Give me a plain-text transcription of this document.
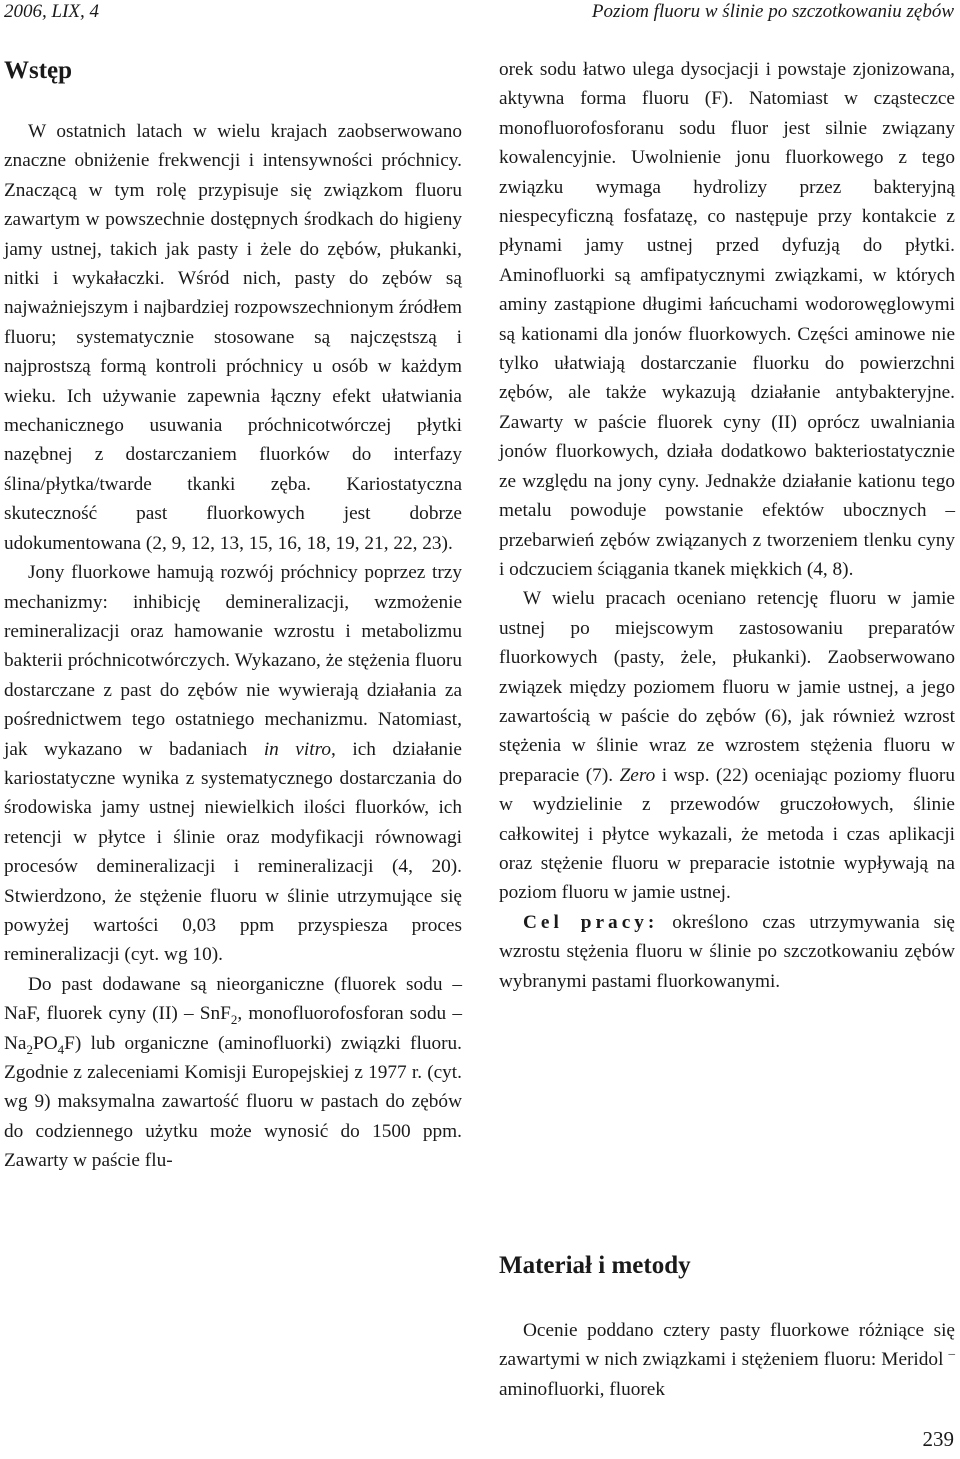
2006, LIX, 4	Poziom fluoru w ślinie po szczotkowaniu zębów
Wstęp

W ostatnich latach w wielu krajach zaobserwowano znaczne obniżenie frekwencji i intensywności próchnicy. Znaczącą w tym rolę przypisuje się związkom fluoru zawartym w powszechnie dostępnych środkach do higieny jamy ustnej, takich jak pasty i żele do zębów, płukanki, nitki i wykałaczki. Wśród nich, pasty do zębów są najważniejszym i najbardziej rozpowszechnionym źródłem fluoru; systematycznie stosowane są najczęstszą i najprostszą formą kontroli próchnicy u osób w każdym wieku. Ich używanie zapewnia łączny efekt ułatwiania mechanicznego usuwania próchnicotwórczej płytki nazębnej z dostarczaniem fluorków do interfazy ślina/płytka/twarde tkanki zęba. Kariostatyczna skuteczność past fluorkowych jest dobrze udokumentowana (2, 9, 12, 13, 15, 16, 18, 19, 21, 22, 23).

Jony fluorkowe hamują rozwój próchnicy poprzez trzy mechanizmy: inhibicję demineralizacji, wzmożenie remineralizacji oraz hamowanie wzrostu i metabolizmu bakterii próchnicotwórczych. Wykazano, że stężenia fluoru dostarczane z past do zębów nie wywierają działania za pośrednictwem tego ostatniego mechanizmu. Natomiast, jak wykazano w badaniach in vitro, ich działanie kariostatyczne wynika z systematycznego dostarczania do środowiska jamy ustnej niewielkich ilości fluorków, ich retencji w płytce i ślinie oraz modyfikacji równowagi procesów demineralizacji i remineralizacji (4, 20). Stwierdzono, że stężenie fluoru w ślinie utrzymujące się powyżej wartości 0,03 ppm przyspiesza proces remineralizacji (cyt. wg 10).

Do past dodawane są nieorganiczne (fluorek sodu – NaF, fluorek cyny (II) – SnF$_2$, monofluorofosforan sodu – $Na_2PO_4F$) lub organiczne (aminofluorki) związki fluoru. Zgodnie z zaleceniami Komisji Europejskiej z 1977 r. (cyt. wg 9) maksymalna zawartość fluoru w pastach do zębów do codziennego użytku może wynosić do 1500 ppm. Zawarty w paście flu-

orek sodu łatwo ulega dysocjacji i powstaje zjonizowana, aktywna forma fluoru (F). Natomiast w cząsteczce monofluorofosforanu sodu fluor jest silnie związany kowalencyjnie. Uwolnienie jonu fluorkowego z tego związku wymaga hydrolizy przez bakteryjną niespecyficzną fosfatazę, co następuje przy kontakcie z płynami jamy ustnej przed dyfuzją do płytki. Aminofluorki są amfipatycznymi związkami, w których aminy zastąpione długimi łańcuchami wodorowęglowymi są kationami dla jonów fluorkowych. Części aminowe nie tylko ułatwiają dostarczanie fluorku do powierzchni zębów, ale także wykazują działanie antybakteryjne. Zawarty w paście fluorek cyny (II) oprócz uwalniania jonów fluorkowych, działa dodatkowo bakteriostatycznie ze względu na jony cyny. Jednakże działanie kationu tego metalu powoduje powstanie efektów ubocznych – przebarwień zębów związanych z tworzeniem tlenku cyny i odczuciem ściągania tkanek miękkich (4, 8).

W wielu pracach oceniano retencję fluoru w jamie ustnej po miejscowym zastosowaniu preparatów fluorkowych (pasty, żele, płukanki). Zaobserwowano związek między poziomem fluoru w jamie ustnej, a jego zawartością w paście do zębów (6), jak również wzrost stężenia w ślinie wraz ze wzrostem stężenia fluoru w preparacie (7). Zero i wsp. (22) oceniając poziomy fluoru w wydzielinie z przewodów gruczołowych, ślinie całkowitej i płytce wykazali, że metoda i czas aplikacji oraz stężenie fluoru w preparacie istotnie wypływają na poziom fluoru w jamie ustnej.

Cel pracy: określono czas utrzymywania się wzrostu stężenia fluoru w ślinie po szczotkowaniu zębów wybranymi pastami fluorkowanymi.

Materiał i metody

Ocenie poddano cztery pasty fluorkowe różniące się zawartymi w nich związkami i stężeniem fluoru: Meridol – aminofluorki, fluorek

239
